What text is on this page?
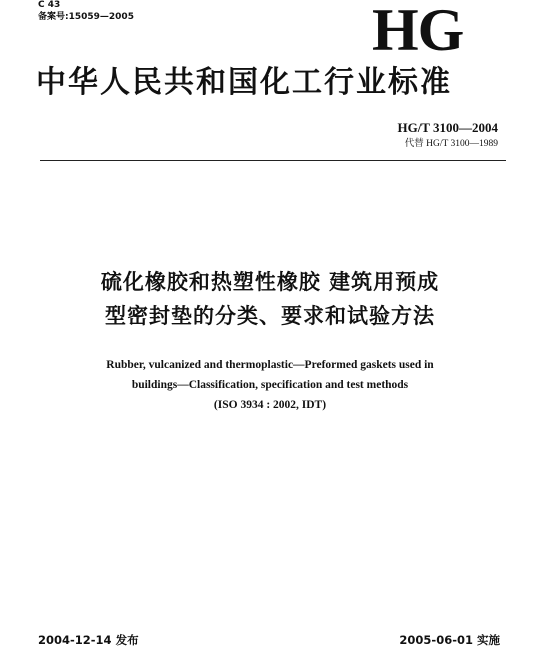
C 43
备案号:15059—2005	HG
中华人民共和国化工行业标准
HG/T 3100—2004
代替 HG/T 3100—1989
硫化橡胶和热塑性橡胶 建筑用预成
型密封垫的分类、要求和试验方法
Rubber, vulcanized and thermoplastic—Preformed gaskets used in
buildings—Classification, specification and test methods
(ISO 3934 : 2002, IDT)
2004-12-14 发布	2005-06-01 实施
